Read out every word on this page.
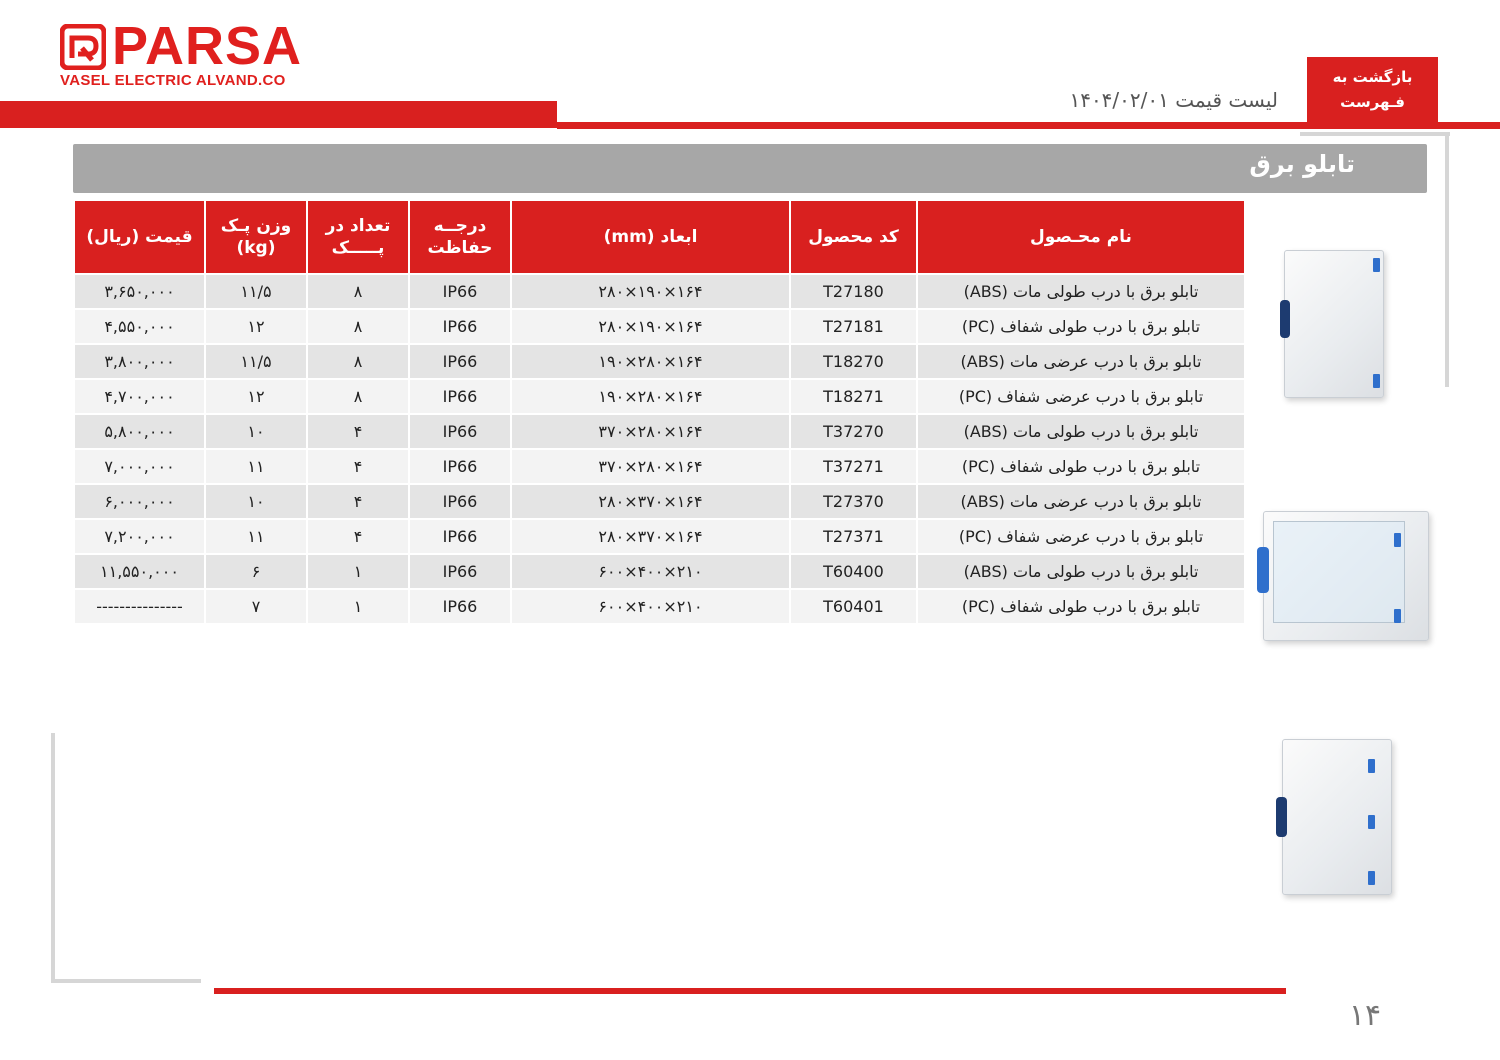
PARSA
VASEL ELECTRIC ALVAND.CO
لیست قیمت ۱۴۰۴/۰۲/۰۱
بازگشت به
فـهرست
تابلو برق
قیمت (ریال)	وزن پـک (kg)	تعداد در پـــــک	درجــه حفاظت	ابعاد (mm)	کد محصول	نام محـصول
۳,۶۵۰,۰۰۰	۱۱/۵	۸	IP66	۲۸۰×۱۹۰×۱۶۴	T27180	تابلو برق با درب طولی مات (ABS)
۴,۵۵۰,۰۰۰	۱۲	۸	IP66	۲۸۰×۱۹۰×۱۶۴	T27181	تابلو برق با درب طولی شفاف (PC)
۳,۸۰۰,۰۰۰	۱۱/۵	۸	IP66	۱۹۰×۲۸۰×۱۶۴	T18270	تابلو برق با درب عرضی مات (ABS)
۴,۷۰۰,۰۰۰	۱۲	۸	IP66	۱۹۰×۲۸۰×۱۶۴	T18271	تابلو برق با درب عرضی شفاف (PC)
۵,۸۰۰,۰۰۰	۱۰	۴	IP66	۳۷۰×۲۸۰×۱۶۴	T37270	تابلو برق با درب طولی مات (ABS)
۷,۰۰۰,۰۰۰	۱۱	۴	IP66	۳۷۰×۲۸۰×۱۶۴	T37271	تابلو برق با درب طولی شفاف (PC)
۶,۰۰۰,۰۰۰	۱۰	۴	IP66	۲۸۰×۳۷۰×۱۶۴	T27370	تابلو برق با درب عرضی مات (ABS)
۷,۲۰۰,۰۰۰	۱۱	۴	IP66	۲۸۰×۳۷۰×۱۶۴	T27371	تابلو برق با درب عرضی شفاف (PC)
۱۱,۵۵۰,۰۰۰	۶	۱	IP66	۶۰۰×۴۰۰×۲۱۰	T60400	تابلو برق با درب طولی مات (ABS)
---------------	۷	۱	IP66	۶۰۰×۴۰۰×۲۱۰	T60401	تابلو برق با درب طولی شفاف (PC)
۱۴
